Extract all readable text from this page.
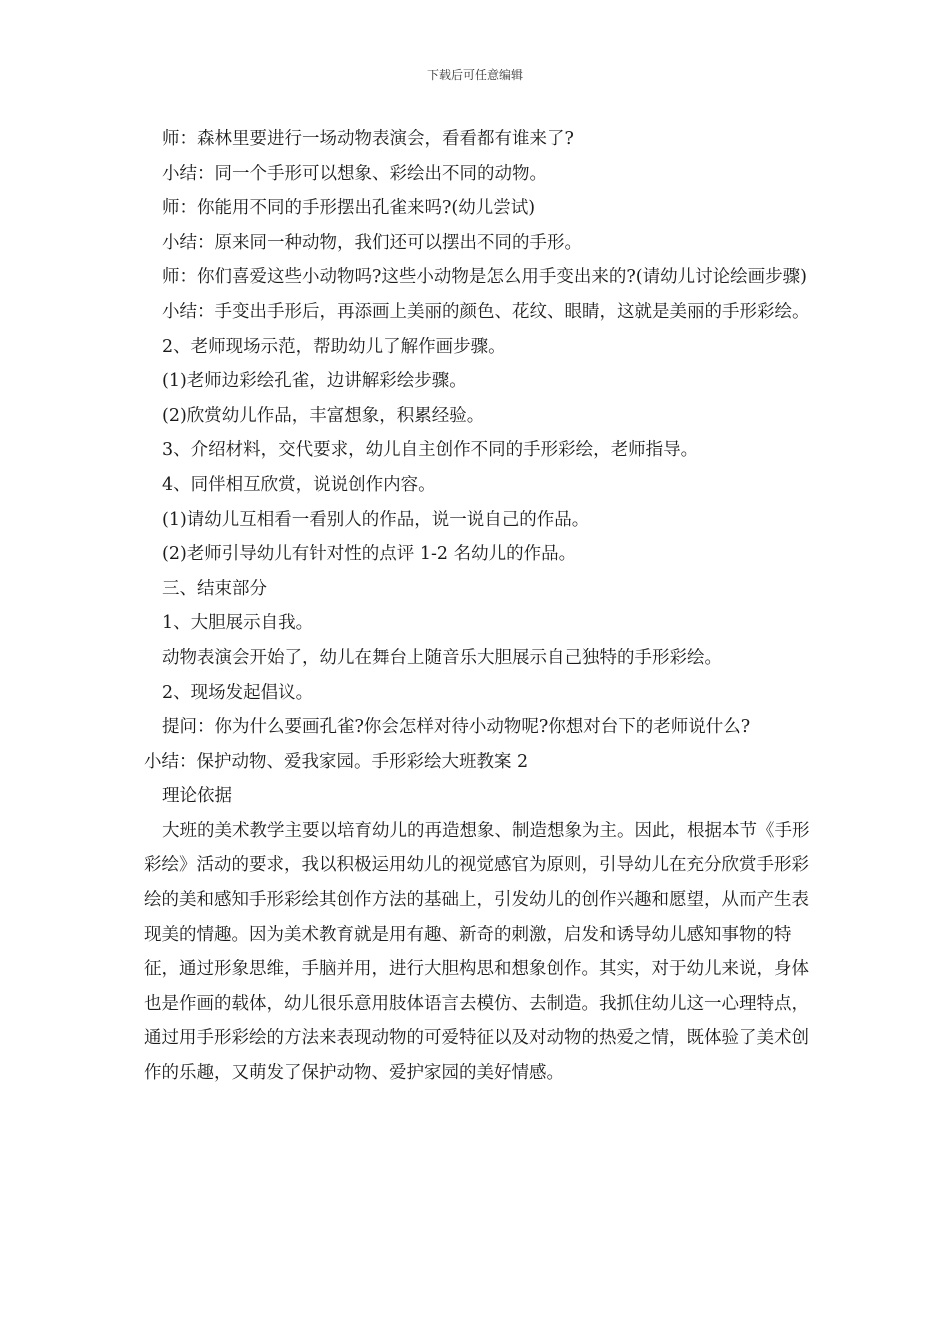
下载后可任意编辑

师：森林里要进行一场动物表演会，看看都有谁来了?

小结：同一个手形可以想象、彩绘出不同的动物。

师：你能用不同的手形摆出孔雀来吗?(幼儿尝试)

小结：原来同一种动物，我们还可以摆出不同的手形。

师：你们喜爱这些小动物吗?这些小动物是怎么用手变出来的?(请幼儿讨论绘画步骤)

小结：手变出手形后，再添画上美丽的颜色、花纹、眼睛，这就是美丽的手形彩绘。

2、老师现场示范，帮助幼儿了解作画步骤。

(1)老师边彩绘孔雀，边讲解彩绘步骤。

(2)欣赏幼儿作品，丰富想象，积累经验。

3、介绍材料，交代要求，幼儿自主创作不同的手形彩绘，老师指导。

4、同伴相互欣赏，说说创作内容。

(1)请幼儿互相看一看别人的作品，说一说自己的作品。

(2)老师引导幼儿有针对性的点评 1-2 名幼儿的作品。

三、结束部分

1、大胆展示自我。

动物表演会开始了，幼儿在舞台上随音乐大胆展示自己独特的手形彩绘。

2、现场发起倡议。

提问：你为什么要画孔雀?你会怎样对待小动物呢?你想对台下的老师说什么?

小结：保护动物、爱我家园。手形彩绘大班教案 2

理论依据

大班的美术教学主要以培育幼儿的再造想象、制造想象为主。因此，根据本节《手形彩绘》活动的要求，我以积极运用幼儿的视觉感官为原则，引导幼儿在充分欣赏手形彩绘的美和感知手形彩绘其创作方法的基础上，引发幼儿的创作兴趣和愿望，从而产生表现美的情趣。因为美术教育就是用有趣、新奇的刺激，启发和诱导幼儿感知事物的特征，通过形象思维，手脑并用，进行大胆构思和想象创作。其实，对于幼儿来说，身体也是作画的载体，幼儿很乐意用肢体语言去模仿、去制造。我抓住幼儿这一心理特点，通过用手形彩绘的方法来表现动物的可爱特征以及对动物的热爱之情，既体验了美术创作的乐趣，又萌发了保护动物、爱护家园的美好情感。
